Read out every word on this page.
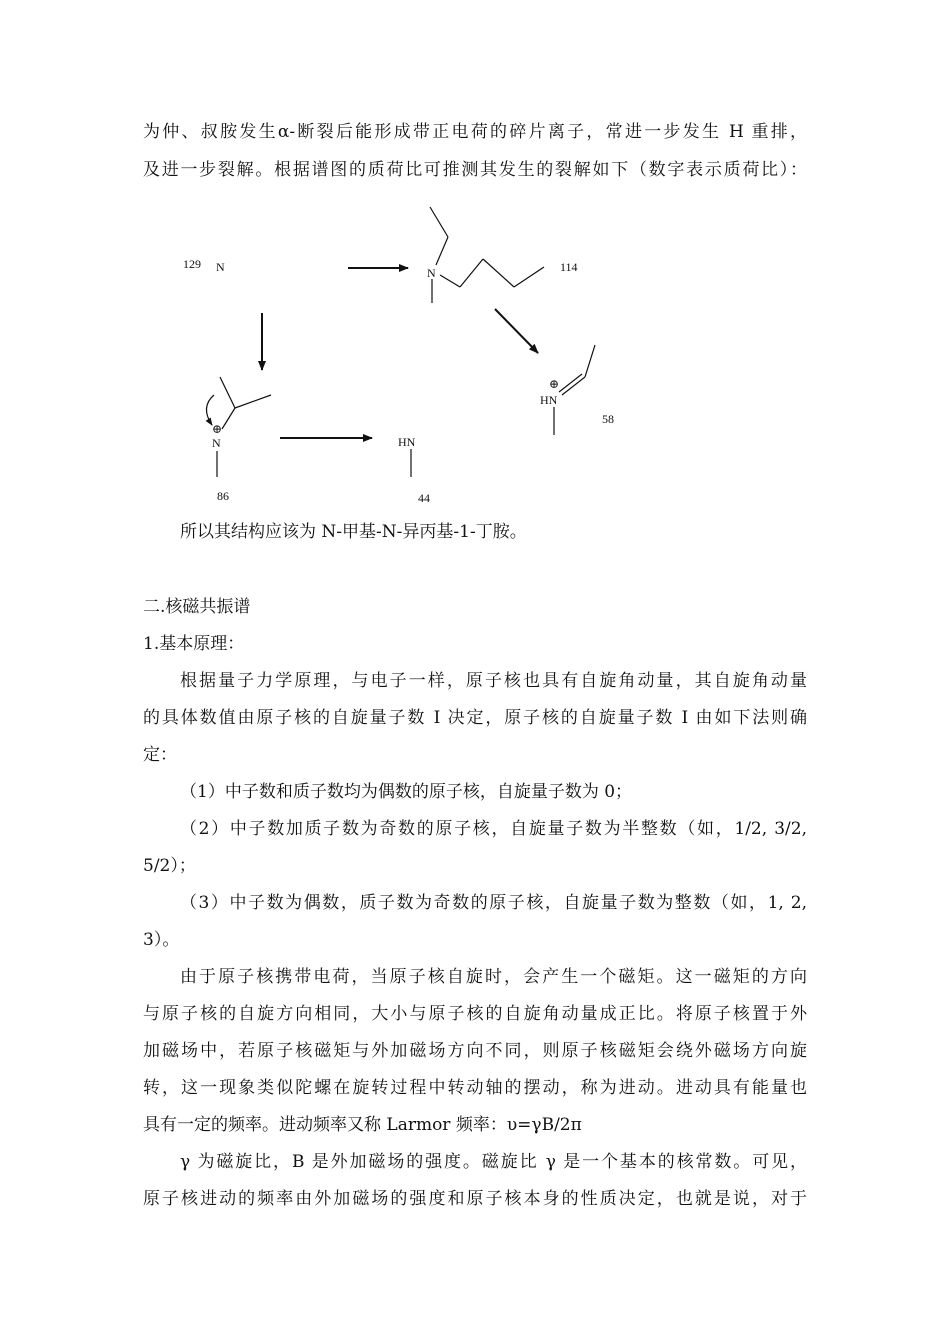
为仲、叔胺发生α-断裂后能形成带正电荷的碎片离子，常进一步发生 H 重排，
及进一步裂解。根据谱图的质荷比可推测其发生的裂解如下（数字表示质荷比）：
129 N	N	114
⊕
HN
58
⊕
N
86
HN
44
所以其结构应该为 N-甲基-N-异丙基-1-丁胺。
二.核磁共振谱
1.基本原理：
根据量子力学原理，与电子一样，原子核也具有自旋角动量，其自旋角动量
的具体数值由原子核的自旋量子数 I 决定，原子核的自旋量子数 I 由如下法则确
定：
（1）中子数和质子数均为偶数的原子核，自旋量子数为 0；
（2）中子数加质子数为奇数的原子核，自旋量子数为半整数（如，1/2, 3/2,
5/2）；
（3）中子数为偶数，质子数为奇数的原子核，自旋量子数为整数（如，1, 2,
3）。
由于原子核携带电荷，当原子核自旋时，会产生一个磁矩。这一磁矩的方向
与原子核的自旋方向相同，大小与原子核的自旋角动量成正比。将原子核置于外
加磁场中，若原子核磁矩与外加磁场方向不同，则原子核磁矩会绕外磁场方向旋
转，这一现象类似陀螺在旋转过程中转动轴的摆动，称为进动。进动具有能量也
具有一定的频率。进动频率又称 Larmor 频率：υ=γB/2π
γ 为磁旋比，B 是外加磁场的强度。磁旋比 γ 是一个基本的核常数。可见，
原子核进动的频率由外加磁场的强度和原子核本身的性质决定，也就是说，对于
